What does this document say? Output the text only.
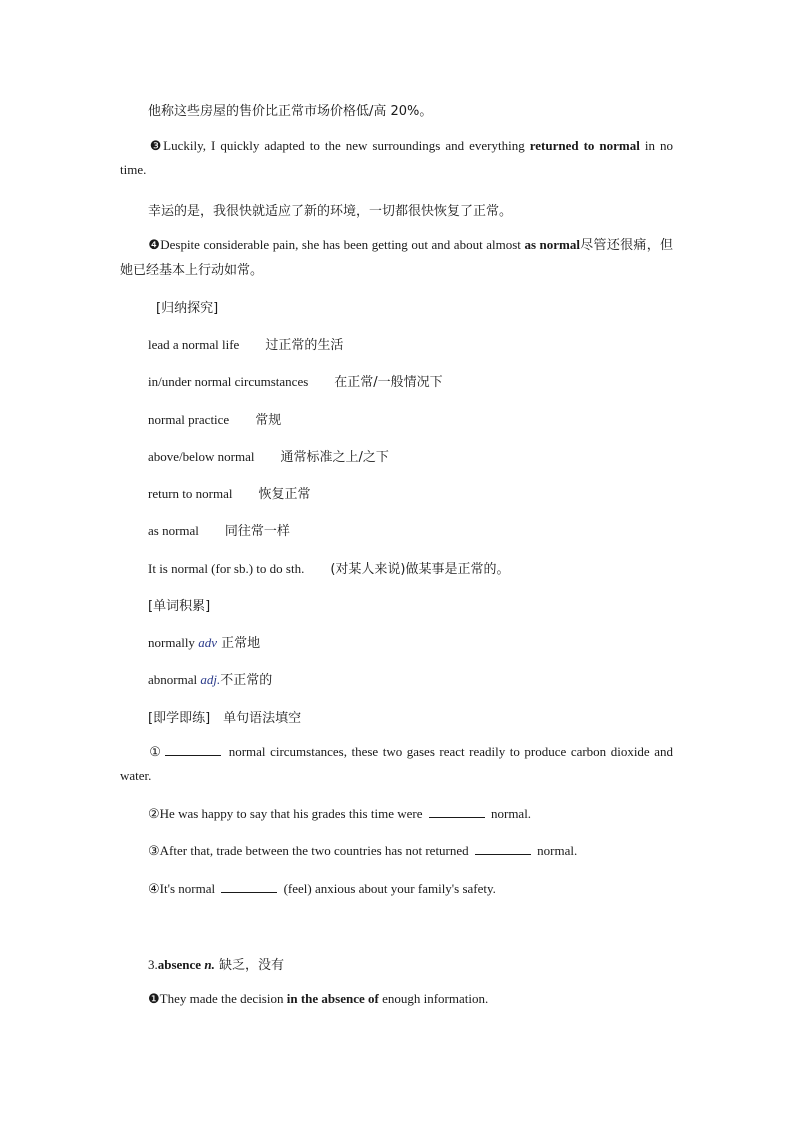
他称这些房屋的售价比正常市场价格低/高 20%。
❸Luckily, I quickly adapted to the new surroundings and everything returned to normal in no time.
幸运的是，我很快就适应了新的环境，一切都很快恢复了正常。
❹Despite considerable pain, she has been getting out and about almost as normal尽管还很痛，但她已经基本上行动如常。
[归纳探究]
lead a normal life 过正常的生活
in/under normal circumstances 在正常/一般情况下
normal practice 常规
above/below normal 通常标准之上/之下
return to normal 恢复正常
as normal 同往常一样
It is normal (for sb.) to do sth. (对某人来说)做某事是正常的。
[单词积累]
normally adv 正常地
abnormal adj.不正常的
[即学即练]　单句语法填空
①	normal circumstances, these two gases react readily to produce carbon dioxide and water.
②He was happy to say that his grades this time were	normal.
③After that, trade between the two countries has not returned	normal.
④It's normal	(feel) anxious about your family's safety.
3.absence n. 缺乏，没有
❶They made the decision in the absence of enough information.
